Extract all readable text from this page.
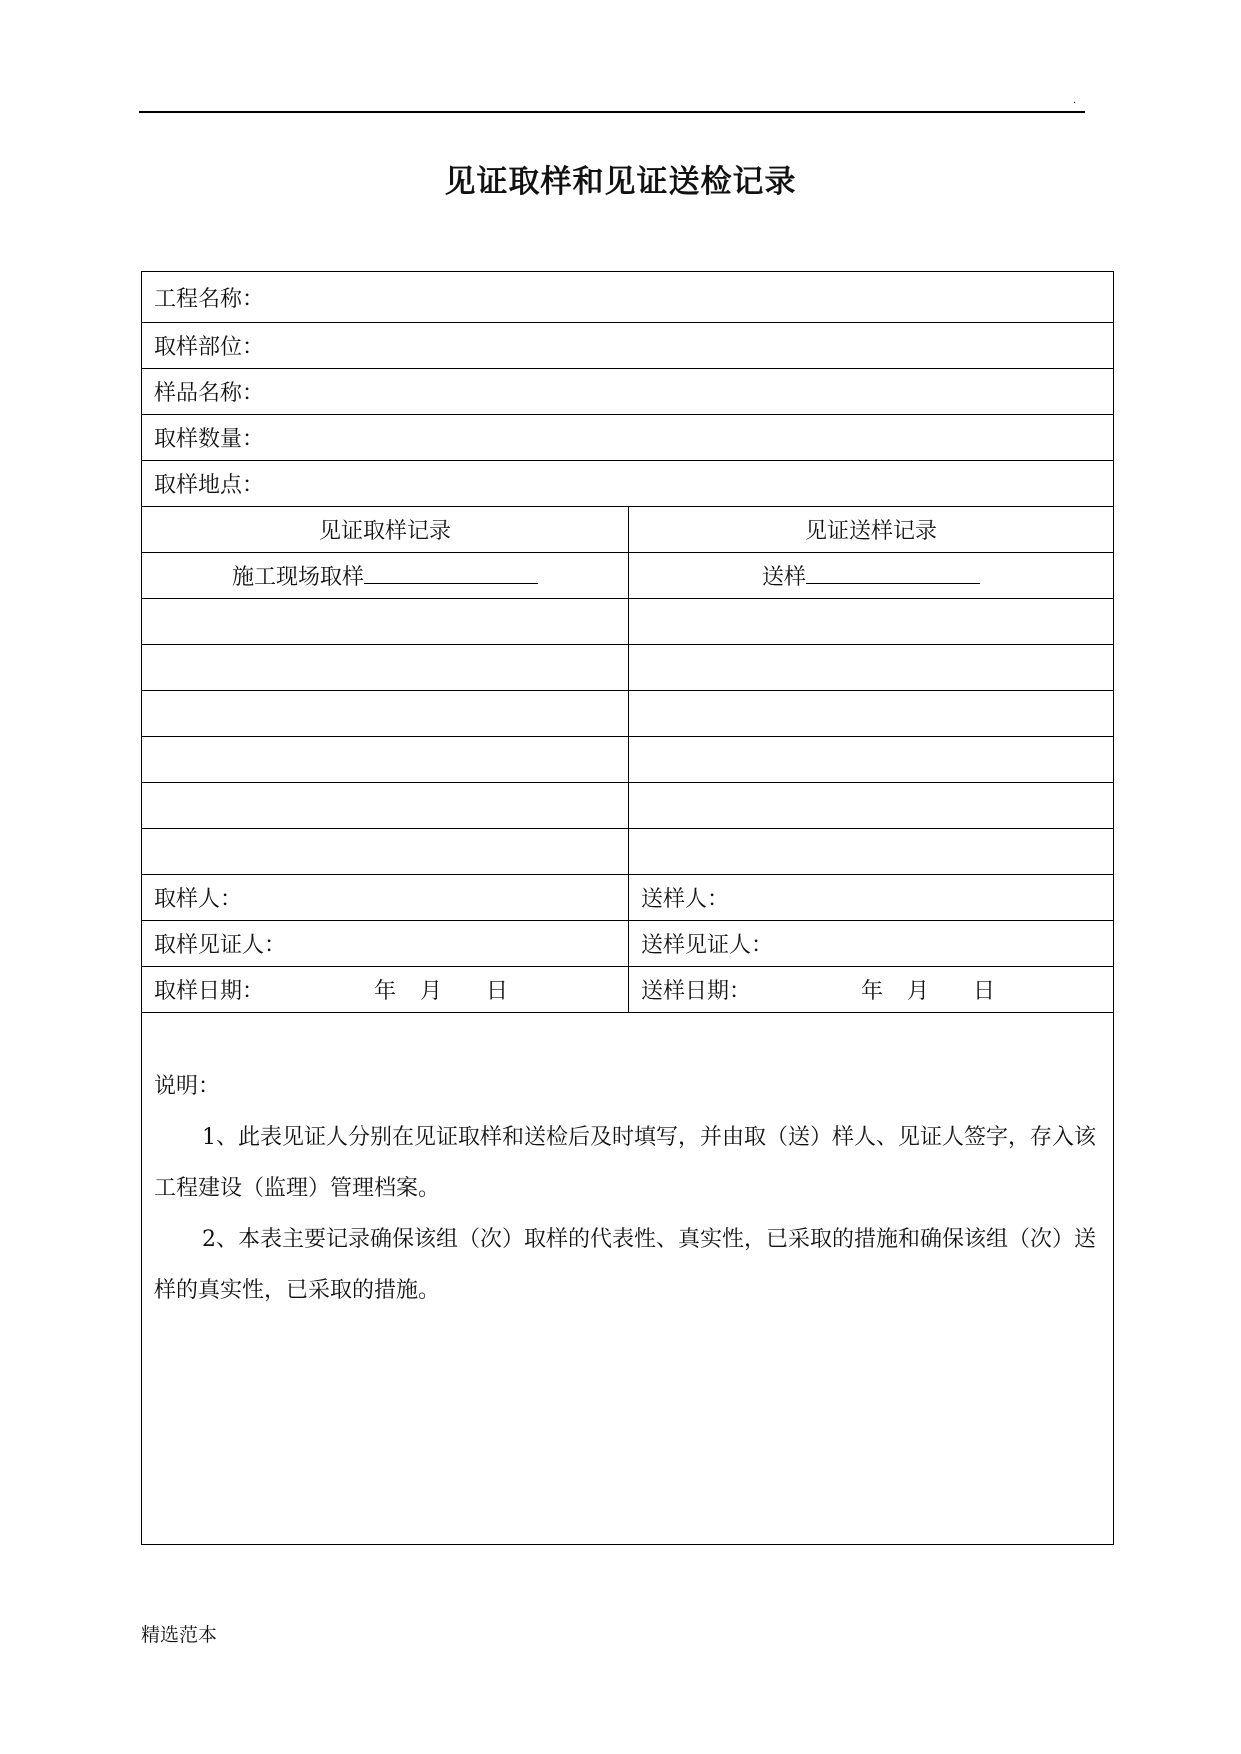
.
见证取样和见证送检记录
工程名称：	
取样部位：	
样品名称：	
取样数量：	
取样地点：	
见证取样记录	见证送样记录
施工现场取样	送样

取样人：	送样人：
取样见证人：	送样见证人：
取样日期： 年 月 日	送样日期： 年 月 日

说明：

1、此表见证人分别在见证取样和送检后及时填写，并由取（送）样人、见证人签字，存入该工程建设（监理）管理档案。

2、本表主要记录确保该组（次）取样的代表性、真实性，已采取的措施和确保该组（次）送样的真实性，已采取的措施。	

精选范本
